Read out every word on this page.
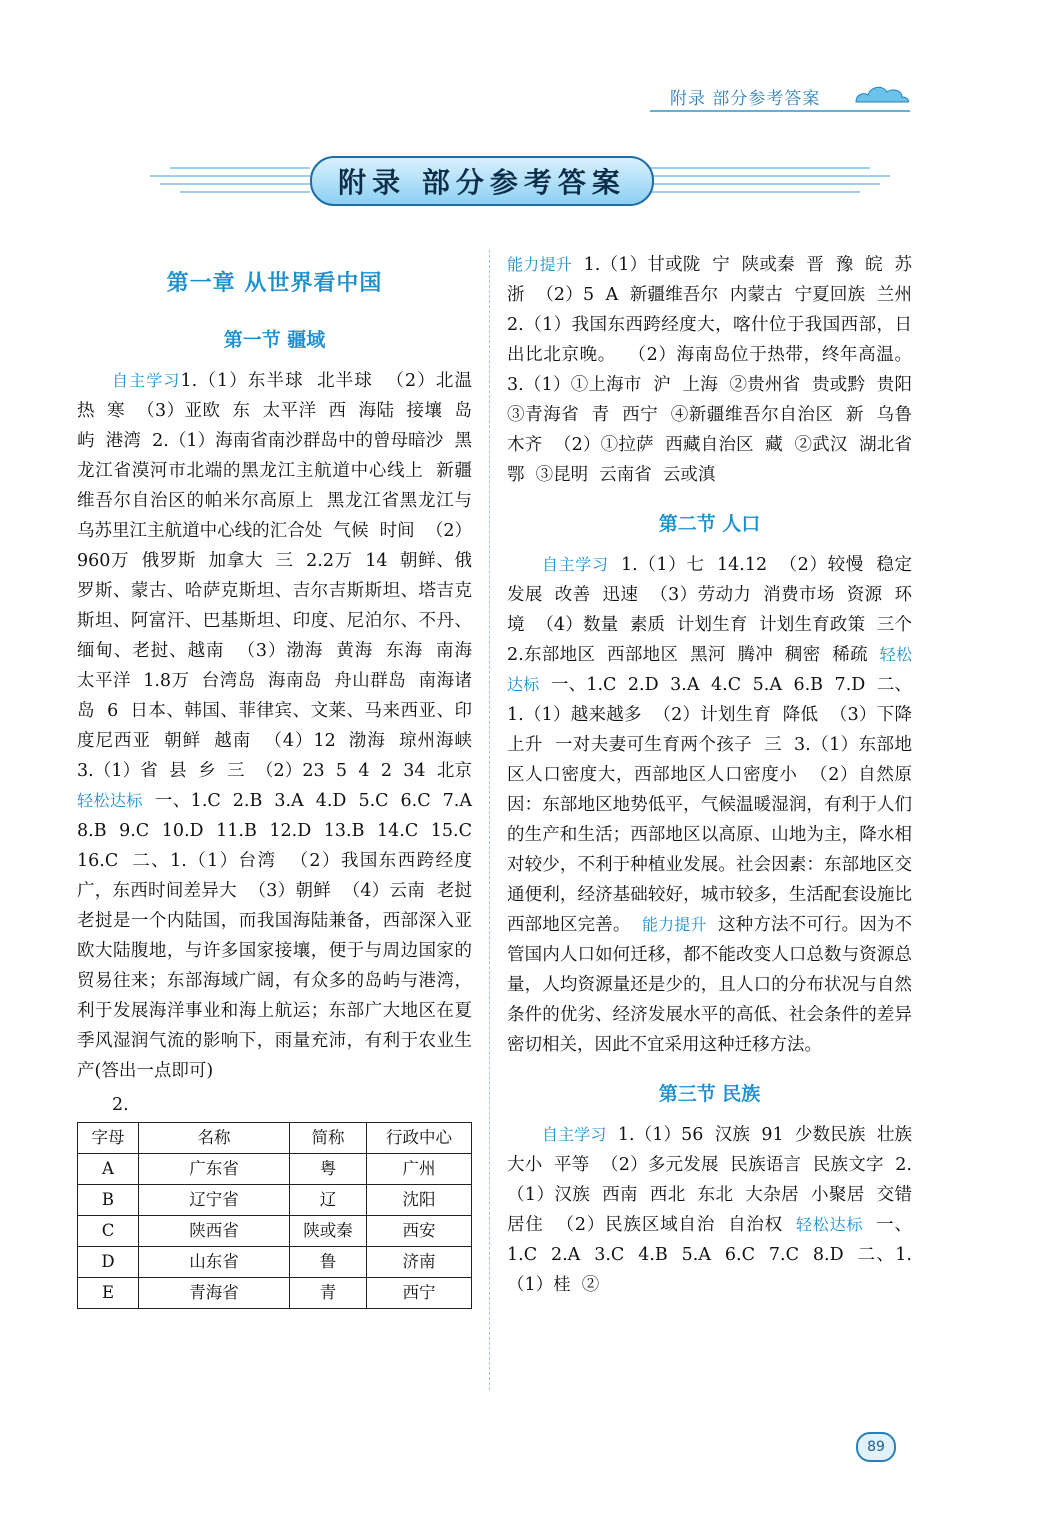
附录 部分参考答案
附录 部分参考答案
第一章 从世界看中国
第一节 疆域
自主学习1.（1）东半球  北半球  （2）北温  热  寒  （3）亚欧  东  太平洋  西  海陆  接壤  岛屿  港湾  2.（1）海南省南沙群岛中的曾母暗沙  黑龙江省漠河市北端的黑龙江主航道中心线上  新疆维吾尔自治区的帕米尔高原上  黑龙江省黑龙江与乌苏里江主航道中心线的汇合处  气候  时间  （2）960万  俄罗斯  加拿大  三  2.2万  14  朝鲜、俄罗斯、蒙古、哈萨克斯坦、吉尔吉斯斯坦、塔吉克斯坦、阿富汗、巴基斯坦、印度、尼泊尔、不丹、缅甸、老挝、越南  （3）渤海  黄海  东海  南海  太平洋  1.8万  台湾岛  海南岛  舟山群岛  南海诸岛  6  日本、韩国、菲律宾、文莱、马来西亚、印度尼西亚  朝鲜  越南  （4）12  渤海  琼州海峡  3.（1）省  县  乡  三  （2）23  5  4  2  34  北京  轻松达标  一、1.C  2.B  3.A  4.D  5.C  6.C  7.A  8.B  9.C  10.D  11.B  12.D  13.B  14.C  15.C  16.C  二、1.（1）台湾  （2）我国东西跨经度广，东西时间差异大  （3）朝鲜  （4）云南  老挝  老挝是一个内陆国，而我国海陆兼备，西部深入亚欧大陆腹地，与许多国家接壤，便于与周边国家的贸易往来；东部海域广阔，有众多的岛屿与港湾，利于发展海洋事业和海上航运；东部广大地区在夏季风湿润气流的影响下，雨量充沛，有利于农业生产(答出一点即可)
2.
字母	名称	简称	行政中心
A	广东省	粤	广州
B	辽宁省	辽	沈阳
C	陕西省	陕或秦	西安
D	山东省	鲁	济南
E	青海省	青	西宁
能力提升  1.（1）甘或陇  宁  陕或秦  晋  豫  皖  苏  浙  （2）5  A  新疆维吾尔  内蒙古  宁夏回族  兰州  2.（1）我国东西跨经度大，喀什位于我国西部，日出比北京晚。  （2）海南岛位于热带，终年高温。  3.（1）①上海市  沪  上海  ②贵州省  贵或黔  贵阳  ③青海省  青  西宁  ④新疆维吾尔自治区  新  乌鲁木齐  （2）①拉萨  西藏自治区  藏  ②武汉  湖北省  鄂  ③昆明  云南省  云或滇
第二节 人口
自主学习  1.（1）七  14.12  （2）较慢  稳定  发展  改善  迅速  （3）劳动力  消费市场  资源  环境  （4）数量  素质  计划生育  计划生育政策  三个  2.东部地区  西部地区  黑河  腾冲  稠密  稀疏  轻松达标  一、1.C  2.D  3.A  4.C  5.A  6.B  7.D  二、1.（1）越来越多  （2）计划生育  降低  （3）下降  上升  一对夫妻可生育两个孩子  三  3.（1）东部地区人口密度大，西部地区人口密度小  （2）自然原因：东部地区地势低平，气候温暖湿润，有利于人们的生产和生活；西部地区以高原、山地为主，降水相对较少，不利于种植业发展。社会因素：东部地区交通便利，经济基础较好，城市较多，生活配套设施比西部地区完善。  能力提升  这种方法不可行。因为不管国内人口如何迁移，都不能改变人口总数与资源总量，人均资源量还是少的，且人口的分布状况与自然条件的优劣、经济发展水平的高低、社会条件的差异密切相关，因此不宜采用这种迁移方法。
第三节 民族
自主学习  1.（1）56  汉族  91  少数民族  壮族  大小  平等  （2）多元发展  民族语言  民族文字  2.（1）汉族  西南  西北  东北  大杂居  小聚居  交错居住  （2）民族区域自治  自治权  轻松达标  一、1.C  2.A  3.C  4.B  5.A  6.C  7.C  8.D  二、1.（1）桂  ②
89
